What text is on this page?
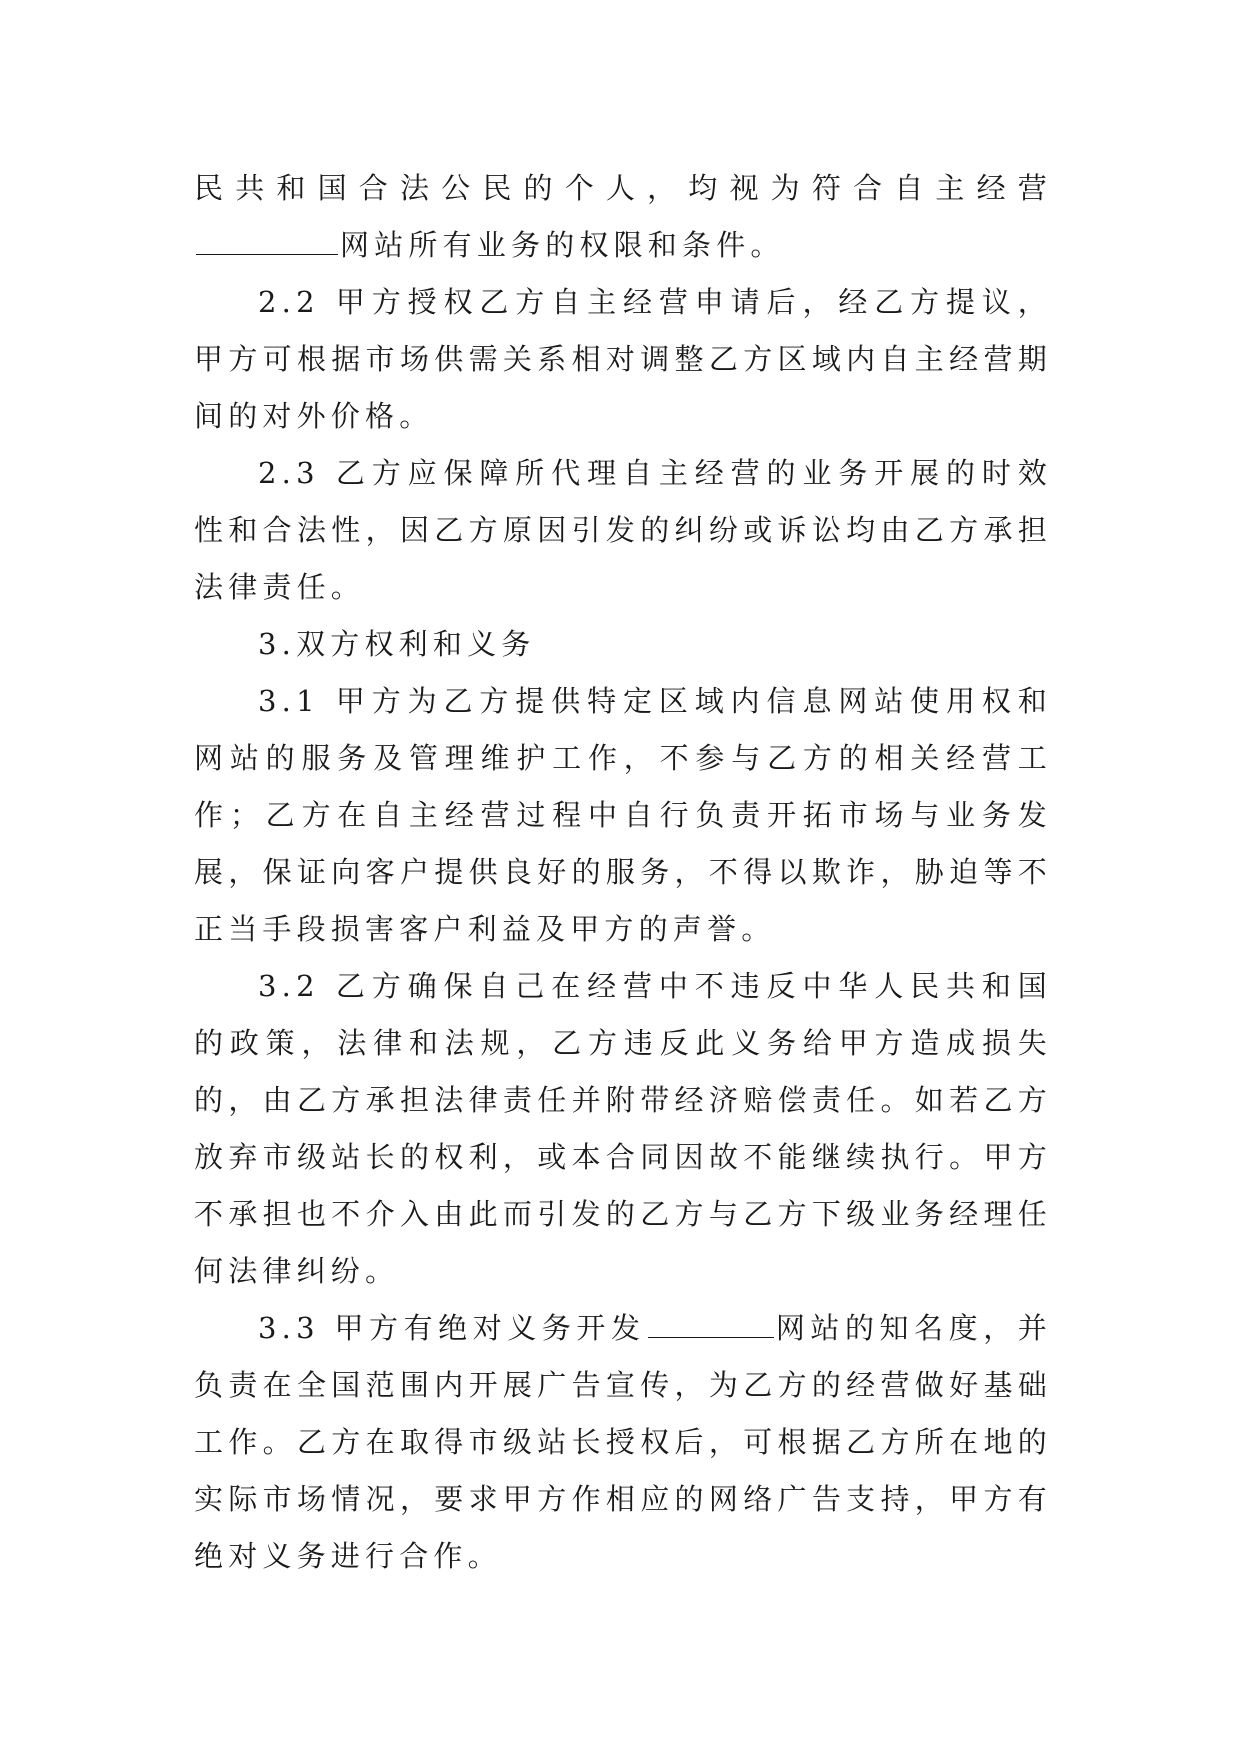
民共和国合法公民的个人，均视为符合自主经营网站所有业务的权限和条件。

2.2 甲方授权乙方自主经营申请后，经乙方提议，甲方可根据市场供需关系相对调整乙方区域内自主经营期间的对外价格。

2.3 乙方应保障所代理自主经营的业务开展的时效性和合法性，因乙方原因引发的纠纷或诉讼均由乙方承担法律责任。

3.双方权利和义务

3.1 甲方为乙方提供特定区域内信息网站使用权和网站的服务及管理维护工作，不参与乙方的相关经营工作；乙方在自主经营过程中自行负责开拓市场与业务发展，保证向客户提供良好的服务，不得以欺诈，胁迫等不正当手段损害客户利益及甲方的声誉。

3.2 乙方确保自己在经营中不违反中华人民共和国的政策，法律和法规，乙方违反此义务给甲方造成损失的，由乙方承担法律责任并附带经济赔偿责任。如若乙方放弃市级站长的权利，或本合同因故不能继续执行。甲方不承担也不介入由此而引发的乙方与乙方下级业务经理任何法律纠纷。

3.3 甲方有绝对义务开发	网站的知名度，并负责在全国范围内开展广告宣传，为乙方的经营做好基础工作。乙方在取得市级站长授权后，可根据乙方所在地的实际市场情况，要求甲方作相应的网络广告支持，甲方有绝对义务进行合作。
